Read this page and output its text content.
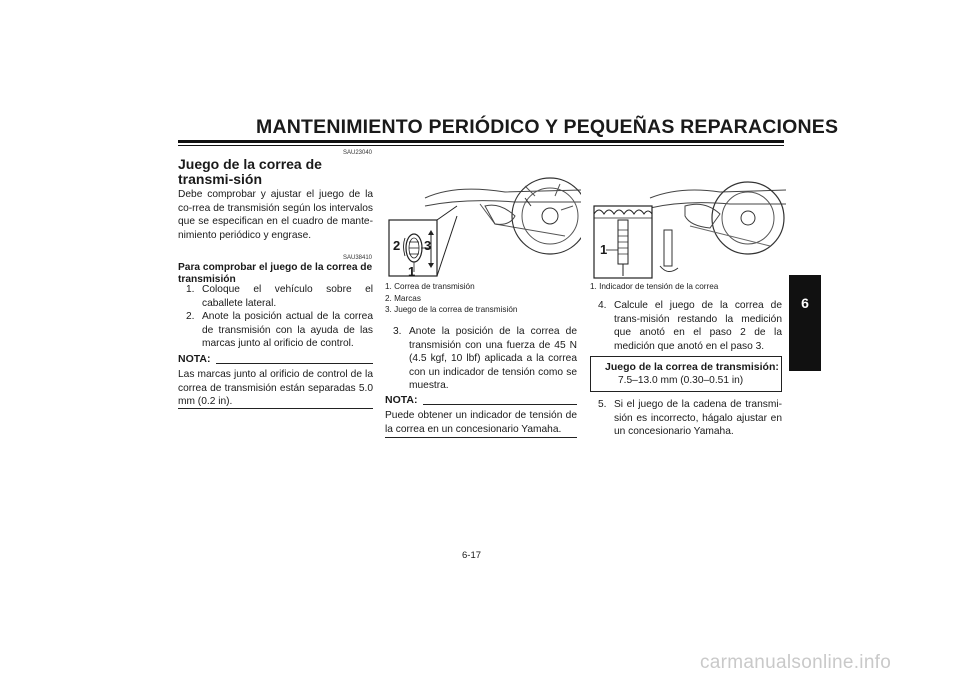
MANTENIMIENTO PERIÓDICO Y PEQUEÑAS REPARACIONES
SAU23040
Juego de la correa de transmi-sión
Debe comprobar y ajustar el juego de la co-rrea de transmisión según los intervalos que se especifican en el cuadro de mante-nimiento periódico y engrase.
SAU38410
Para comprobar el juego de la correa de transmisión
1. Coloque el vehículo sobre el caballete lateral.
2. Anote la posición actual de la correa de transmisión con la ayuda de las marcas junto al orificio de control.
NOTA:
Las marcas junto al orificio de control de la correa de transmisión están separadas 5.0 mm (0.2 in).
2 3
1
1. Correa de transmisión
2. Marcas
3. Juego de la correa de transmisión
3. Anote la posición de la correa de transmisión con una fuerza de 45 N (4.5 kgf, 10 lbf) aplicada a la correa con un indicador de tensión como se muestra.
NOTA:
Puede obtener un indicador de tensión de la correa en un concesionario Yamaha.
1
1. Indicador de tensión de la correa
4. Calcule el juego de la correa de trans-misión restando la medición que anotó en el paso 2 de la medición que anotó en el paso 3.
Juego de la correa de transmisión:
7.5–13.0 mm (0.30–0.51 in)
5. Si el juego de la cadena de transmi-sión es incorrecto, hágalo ajustar en un concesionario Yamaha.
6
6-17
carmanualsonline.info
